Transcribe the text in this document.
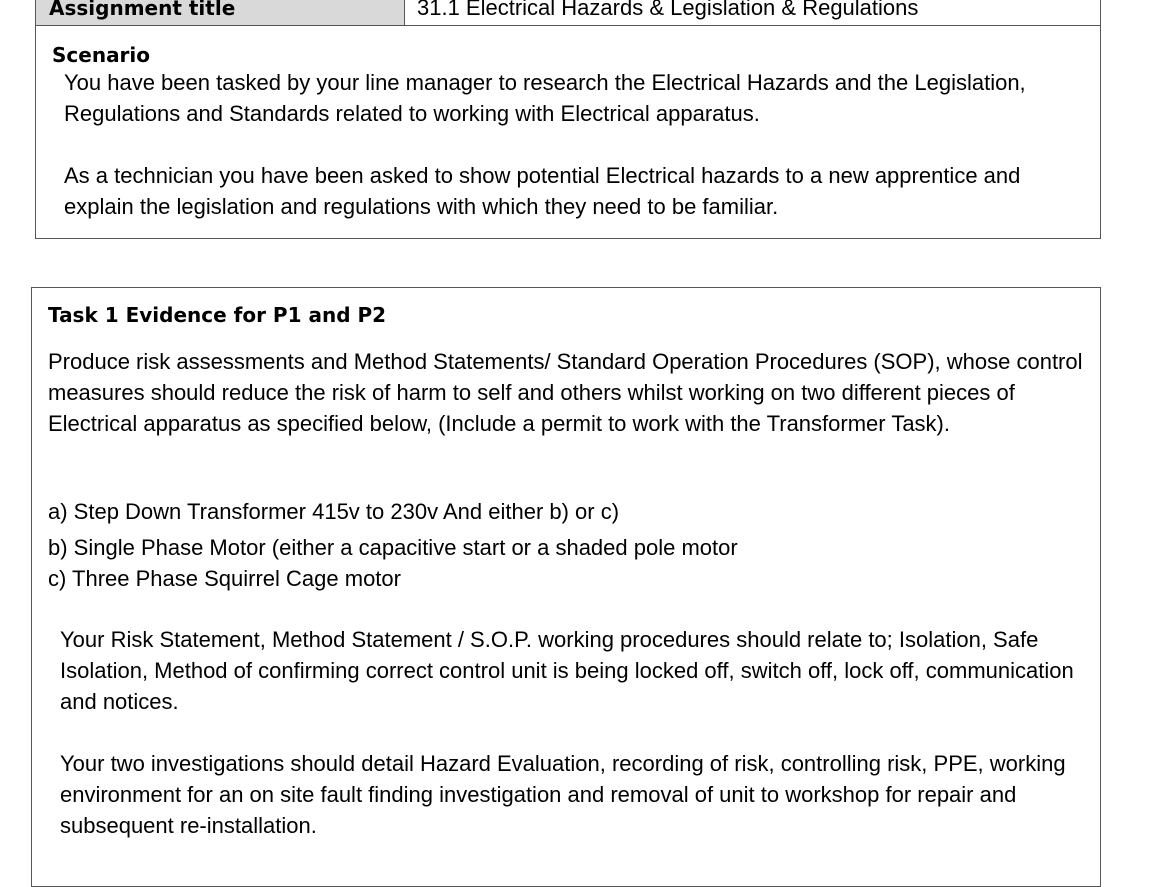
Assignment title	31.1 Electrical Hazards & Legislation & Regulations
Scenario

You have been tasked by your line manager to research the Electrical Hazards and the Legislation, Regulations and Standards related to working with Electrical apparatus.

As a technician you have been asked to show potential Electrical hazards to a new apprentice and explain the legislation and regulations with which they need to be familiar.

Task 1 Evidence for P1 and P2

Produce risk assessments and Method Statements/ Standard Operation Procedures (SOP), whose control measures should reduce the risk of harm to self and others whilst working on two different pieces of Electrical apparatus as specified below, (Include a permit to work with the Transformer Task).

a) Step Down Transformer 415v to 230v And either b) or c)
b) Single Phase Motor (either a capacitive start or a shaded pole motor
c) Three Phase Squirrel Cage motor

Your Risk Statement, Method Statement / S.O.P. working procedures should relate to; Isolation, Safe Isolation, Method of confirming correct control unit is being locked off, switch off, lock off, communication and notices.

Your two investigations should detail Hazard Evaluation, recording of risk, controlling risk, PPE, working environment for an on site fault finding investigation and removal of unit to workshop for repair and subsequent re-installation.
